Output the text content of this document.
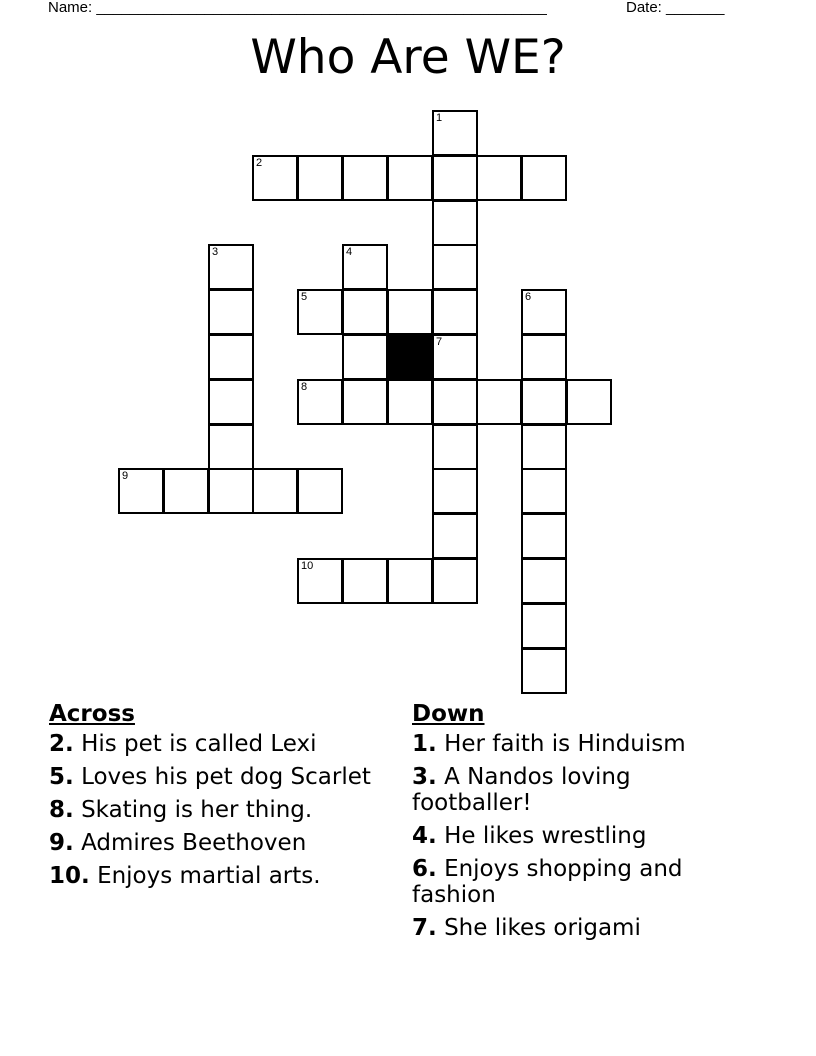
Name: ______________________________________________________	Date: _______
Who Are WE?
1
2
3	4
5	6
7
8
9
10
Across
2. His pet is called Lexi
5. Loves his pet dog Scarlet
8. Skating is her thing.
9. Admires Beethoven
10. Enjoys martial arts.
Down
1. Her faith is Hinduism
3. A Nandos loving footballer!
4. He likes wrestling
6. Enjoys shopping and fashion
7. She likes origami
